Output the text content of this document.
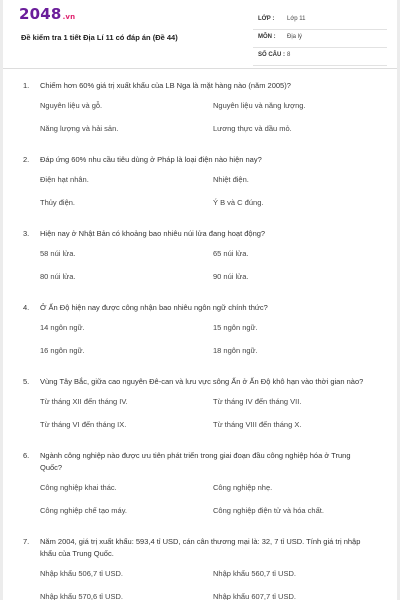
2048.vn
Đề kiểm tra 1 tiết Địa Lí 11 có đáp án (Đề 44)
LỚP : Lớp 11
MÔN : Địa lý
SỐ CÂU : 8
1. Chiếm hơn 60% giá trị xuất khẩu của LB Nga là mặt hàng nào (năm 2005)?
Nguyên liệu và gỗ.	Nguyên liệu và năng lượng.
Năng lượng và hải sản.	Lương thực và dầu mỏ.
2. Đáp ứng 60% nhu cầu tiêu dùng ở Pháp là loại điện nào hiện nay?
Điện hạt nhân.	Nhiệt điện.
Thủy điện.	Ý B và C đúng.
3. Hiện nay ở Nhật Bản có khoảng bao nhiêu núi lửa đang hoạt động?
58 núi lửa.	65 núi lửa.
80 núi lửa.	90 núi lửa.
4. Ở Ấn Độ hiện nay được công nhận bao nhiêu ngôn ngữ chính thức?
14 ngôn ngữ.	15 ngôn ngữ.
16 ngôn ngữ.	18 ngôn ngữ.
5. Vùng Tây Bắc, giữa cao nguyên Đê-can và lưu vực sông Ấn ở Ấn Độ khô hạn vào thời gian nào?
Từ tháng XII đến tháng IV.	Từ tháng IV đến tháng VII.
Từ tháng VI đến tháng IX.	Từ tháng VIII đến tháng X.
6. Ngành công nghiệp nào được ưu tiên phát triển trong giai đoạn đầu công nghiệp hóa ở Trung Quốc?
Công nghiệp khai thác.	Công nghiệp nhẹ.
Công nghiệp chế tạo máy.	Công nghiệp điện tử và hóa chất.
7. Năm 2004, giá trị xuất khẩu: 593,4 tỉ USD, cán cân thương mại là: 32, 7 tỉ USD. Tính giá trị nhập khẩu của Trung Quốc.
Nhập khẩu 506,7 tỉ USD.	Nhập khẩu 560,7 tỉ USD.
Nhập khẩu 570,6 tỉ USD.	Nhập khẩu 607,7 tỉ USD.
